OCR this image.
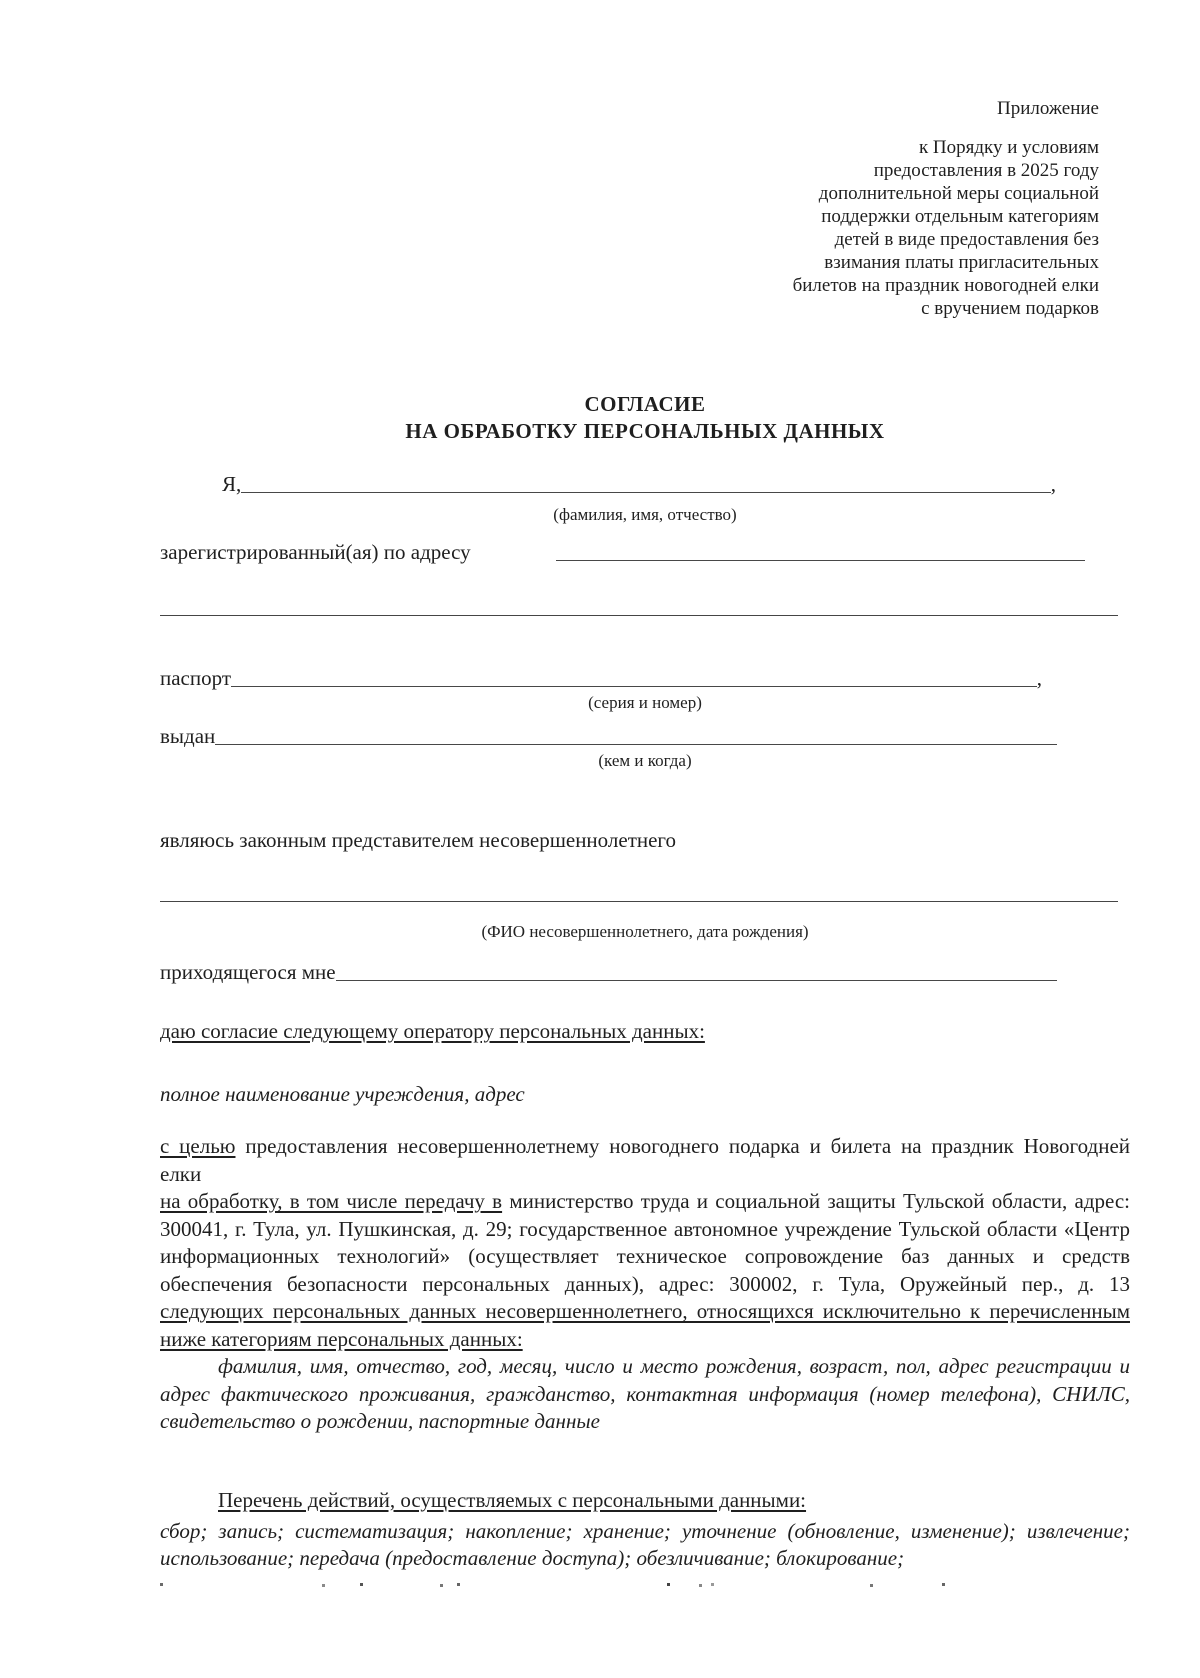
Приложение
к Порядку и условиям
предоставления в 2025 году
дополнительной меры социальной
поддержки отдельным категориям
детей в виде предоставления без
взимания платы пригласительных
билетов на праздник новогодней елки
с вручением подарков
СОГЛАСИЕ
НА ОБРАБОТКУ ПЕРСОНАЛЬНЫХ ДАННЫХ
Я,	,
(фамилия, имя, отчество)
зарегистрированный(ая) по адресу
паспорт	,
(серия и номер)
выдан
(кем и когда)
являюсь законным представителем несовершеннолетнего
(ФИО несовершеннолетнего, дата рождения)
приходящегося мне
даю согласие следующему оператору персональных данных:
полное наименование учреждения, адрес

с целью предоставления несовершеннолетнему новогоднего подарка и билета на праздник Новогодней елки

на обработку, в том числе передачу в министерство труда и социальной защиты Тульской области, адрес: 300041, г. Тула, ул. Пушкинская, д. 29; государственное автономное учреждение Тульской области «Центр информационных технологий» (осуществляет техническое сопровождение баз данных и средств обеспечения безопасности персональных данных), адрес: 300002, г. Тула, Оружейный пер., д. 13 следующих персональных данных несовершеннолетнего, относящихся исключительно к перечисленным ниже категориям персональных данных:

фамилия, имя, отчество, год, месяц, число и место рождения, возраст, пол, адрес регистрации и адрес фактического проживания, гражданство, контактная информация (номер телефона), СНИЛС, свидетельство о рождении, паспортные данные

Перечень действий, осуществляемых с персональными данными:

сбор; запись; систематизация; накопление; хранение; уточнение (обновление, изменение); извлечение; использование; передача (предоставление доступа); обезличивание; блокирование;
